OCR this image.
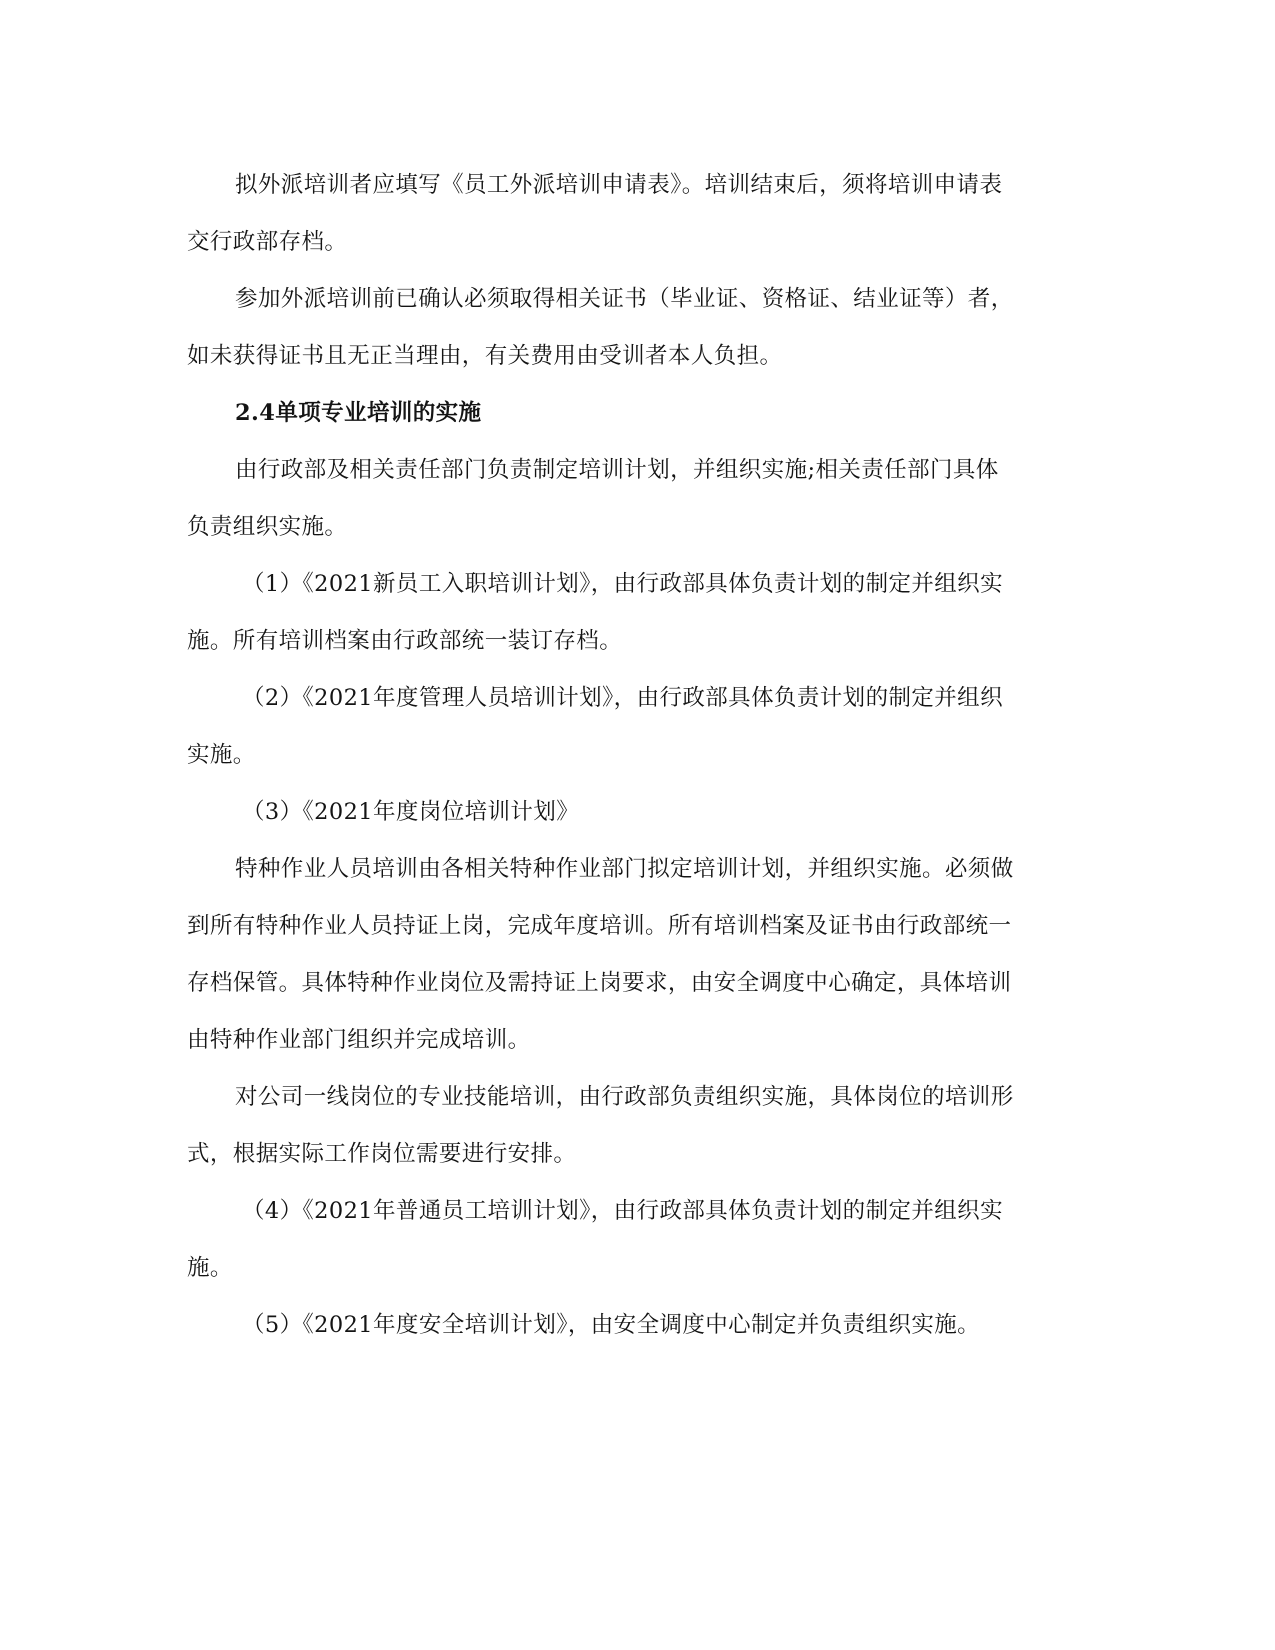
拟外派培训者应填写《员工外派培训申请表》。培训结束后，须将培训申请表
交行政部存档。
参加外派培训前已确认必须取得相关证书（毕业证、资格证、结业证等）者，
如未获得证书且无正当理由，有关费用由受训者本人负担。
2.4单项专业培训的实施
由行政部及相关责任部门负责制定培训计划，并组织实施;相关责任部门具体
负责组织实施。
（1）《2021新员工入职培训计划》，由行政部具体负责计划的制定并组织实
施。所有培训档案由行政部统一装订存档。
（2）《2021年度管理人员培训计划》，由行政部具体负责计划的制定并组织
实施。
（3）《2021年度岗位培训计划》
特种作业人员培训由各相关特种作业部门拟定培训计划，并组织实施。必须做
到所有特种作业人员持证上岗，完成年度培训。所有培训档案及证书由行政部统一
存档保管。具体特种作业岗位及需持证上岗要求，由安全调度中心确定，具体培训
由特种作业部门组织并完成培训。
对公司一线岗位的专业技能培训，由行政部负责组织实施，具体岗位的培训形
式，根据实际工作岗位需要进行安排。
（4）《2021年普通员工培训计划》，由行政部具体负责计划的制定并组织实
施。
（5）《2021年度安全培训计划》，由安全调度中心制定并负责组织实施。
